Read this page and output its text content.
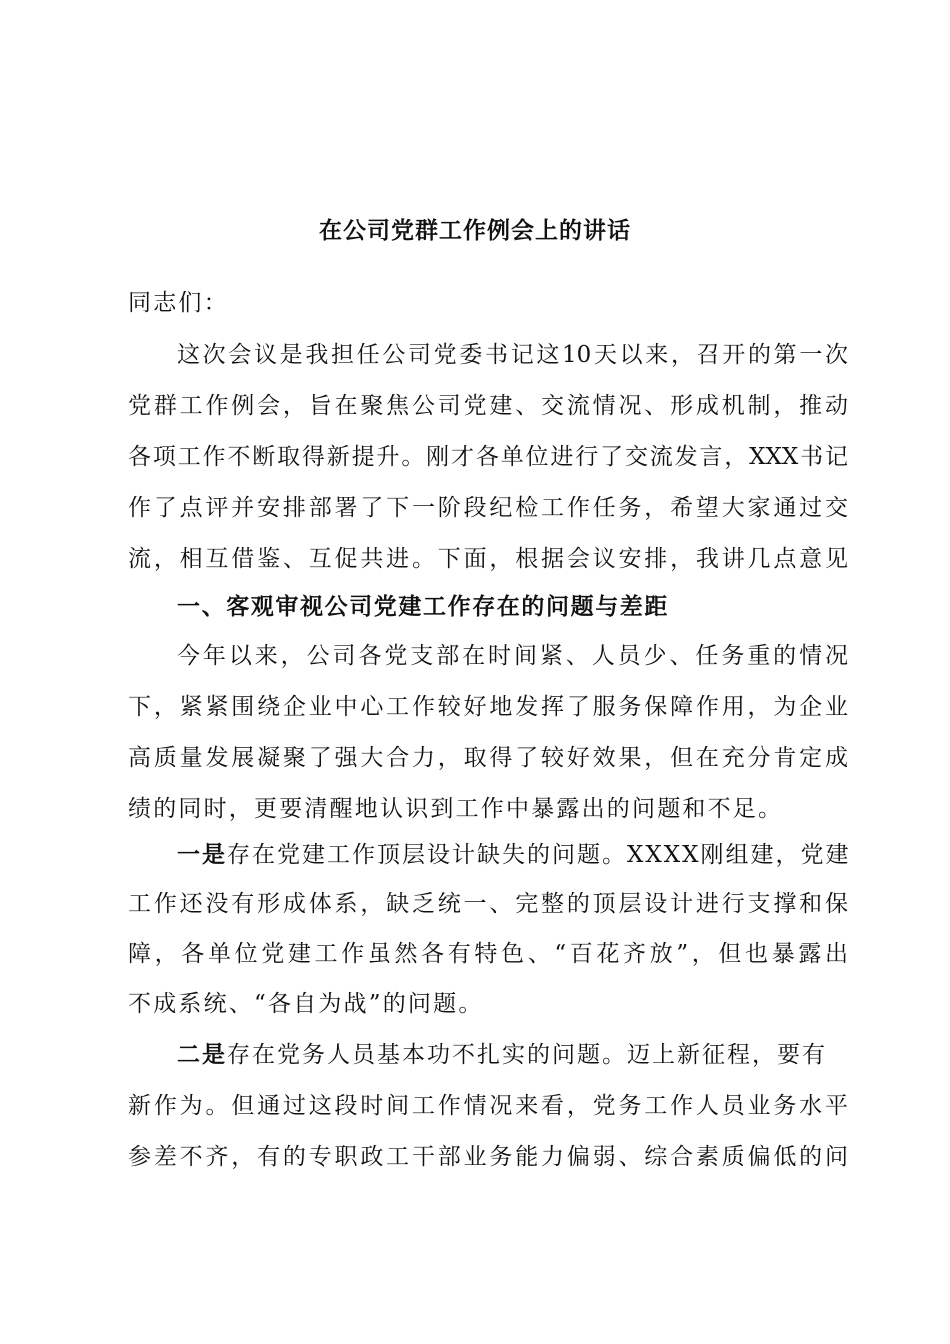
在公司党群工作例会上的讲话
同志们：
这次会议是我担任公司党委书记这10天以来，召开的第一次
党群工作例会，旨在聚焦公司党建、交流情况、形成机制，推动
各项工作不断取得新提升。刚才各单位进行了交流发言，XXX书记
作了点评并安排部署了下一阶段纪检工作任务，希望大家通过交
流，相互借鉴、互促共进。下面，根据会议安排，我讲几点意见
一、客观审视公司党建工作存在的问题与差距
今年以来，公司各党支部在时间紧、人员少、任务重的情况
下，紧紧围绕企业中心工作较好地发挥了服务保障作用，为企业
高质量发展凝聚了强大合力，取得了较好效果，但在充分肯定成
绩的同时，更要清醒地认识到工作中暴露出的问题和不足。
一是存在党建工作顶层设计缺失的问题。XXXX刚组建，党建
工作还没有形成体系，缺乏统一、完整的顶层设计进行支撑和保
障，各单位党建工作虽然各有特色、“百花齐放”，但也暴露出
不成系统、“各自为战”的问题。
二是存在党务人员基本功不扎实的问题。迈上新征程，要有
新作为。但通过这段时间工作情况来看，党务工作人员业务水平
参差不齐，有的专职政工干部业务能力偏弱、综合素质偏低的问
